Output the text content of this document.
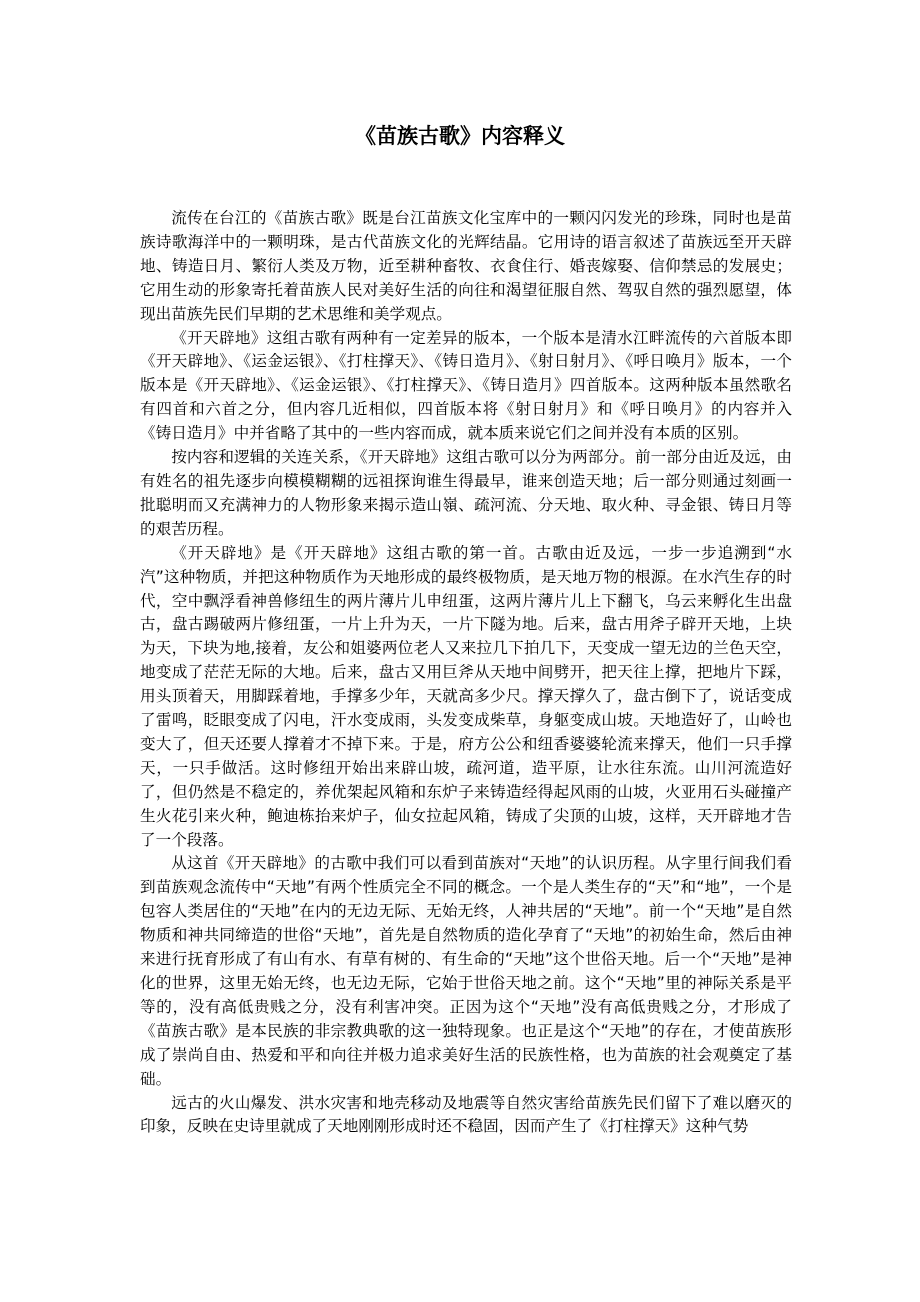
《苗族古歌》内容释义

流传在台江的《苗族古歌》既是台江苗族文化宝库中的一颗闪闪发光的珍珠，同时也是苗族诗歌海洋中的一颗明珠，是古代苗族文化的光辉结晶。它用诗的语言叙述了苗族远至开天辟地、铸造日月、繁衍人类及万物，近至耕种畜牧、衣食住行、婚丧嫁娶、信仰禁忌的发展史；它用生动的形象寄托着苗族人民对美好生活的向往和渴望征服自然、驾驭自然的强烈愿望，体现出苗族先民们早期的艺术思维和美学观点。

《开天辟地》这组古歌有两种有一定差异的版本，一个版本是清水江畔流传的六首版本即《开天辟地》、《运金运银》、《打柱撑天》、《铸日造月》、《射日射月》、《呼日唤月》版本，一个版本是《开天辟地》、《运金运银》、《打柱撑天》、《铸日造月》四首版本。这两种版本虽然歌名有四首和六首之分，但内容几近相似，四首版本将《射日射月》和《呼日唤月》的内容并入《铸日造月》中并省略了其中的一些内容而成，就本质来说它们之间并没有本质的区别。

按内容和逻辑的关连关系，《开天辟地》这组古歌可以分为两部分。前一部分由近及远，由有姓名的祖先逐步向模模糊糊的远祖探询谁生得最早，谁来创造天地；后一部分则通过刻画一批聪明而又充满神力的人物形象来揭示造山嶺、疏河流、分天地、取火种、寻金银、铸日月等的艰苦历程。

《开天辟地》是《开天辟地》这组古歌的第一首。古歌由近及远，一步一步追溯到“水汽”这种物质，并把这种物质作为天地形成的最终极物质，是天地万物的根源。在水汽生存的时代，空中飘浮看神兽修纽生的两片薄片儿申纽蛋，这两片薄片儿上下翻飞，乌云来孵化生出盘古，盘古踢破两片修纽蛋，一片上升为天，一片下隧为地。后来，盘古用斧子辟开天地，上块为天，下块为地,接着，友公和姐婆两位老人又来拉几下拍几下，天变成一望无边的兰色天空，地变成了茫茫无际的大地。后来，盘古又用巨斧从天地中间劈开，把天往上撑，把地片下踩，用头顶着天，用脚踩着地，手撑多少年，天就高多少尺。撑天撑久了，盘古倒下了，说话变成了雷鸣，眨眼变成了闪电，汗水变成雨，头发变成柴草，身躯变成山坡。天地造好了，山岭也变大了，但天还要人撑着才不掉下来。于是，府方公公和纽香婆婆轮流来撑天，他们一只手撑天，一只手做活。这时修纽开始出来辟山坡，疏河道，造平原，让水往东流。山川河流造好了，但仍然是不稳定的，养优架起风箱和东炉子来铸造经得起风雨的山坡，火亚用石头碰撞产生火花引来火种，鲍迪栋抬来炉子，仙女拉起风箱，铸成了尖顶的山坡，这样，天开辟地才告了一个段落。

从这首《开天辟地》的古歌中我们可以看到苗族对“天地”的认识历程。从字里行间我们看到苗族观念流传中“天地”有两个性质完全不同的概念。一个是人类生存的“天”和“地”，一个是包容人类居住的“天地”在内的无边无际、无始无终，人神共居的“天地”。前一个“天地”是自然物质和神共同缔造的世俗“天地”，首先是自然物质的造化孕育了“天地”的初始生命，然后由神来进行抚育形成了有山有水、有草有树的、有生命的“天地”这个世俗天地。后一个“天地”是神化的世界，这里无始无终，也无边无际，它始于世俗天地之前。这个“天地”里的神际关系是平等的，没有高低贵贱之分，没有利害冲突。正因为这个“天地”没有高低贵贱之分，才形成了《苗族古歌》是本民族的非宗教典歌的这一独特现象。也正是这个“天地”的存在，才使苗族形成了崇尚自由、热爱和平和向往并极力追求美好生活的民族性格，也为苗族的社会观奠定了基础。

远古的火山爆发、洪水灾害和地壳移动及地震等自然灾害给苗族先民们留下了难以磨灭的印象，反映在史诗里就成了天地刚刚形成时还不稳固，因而产生了《打柱撑天》这种气势
